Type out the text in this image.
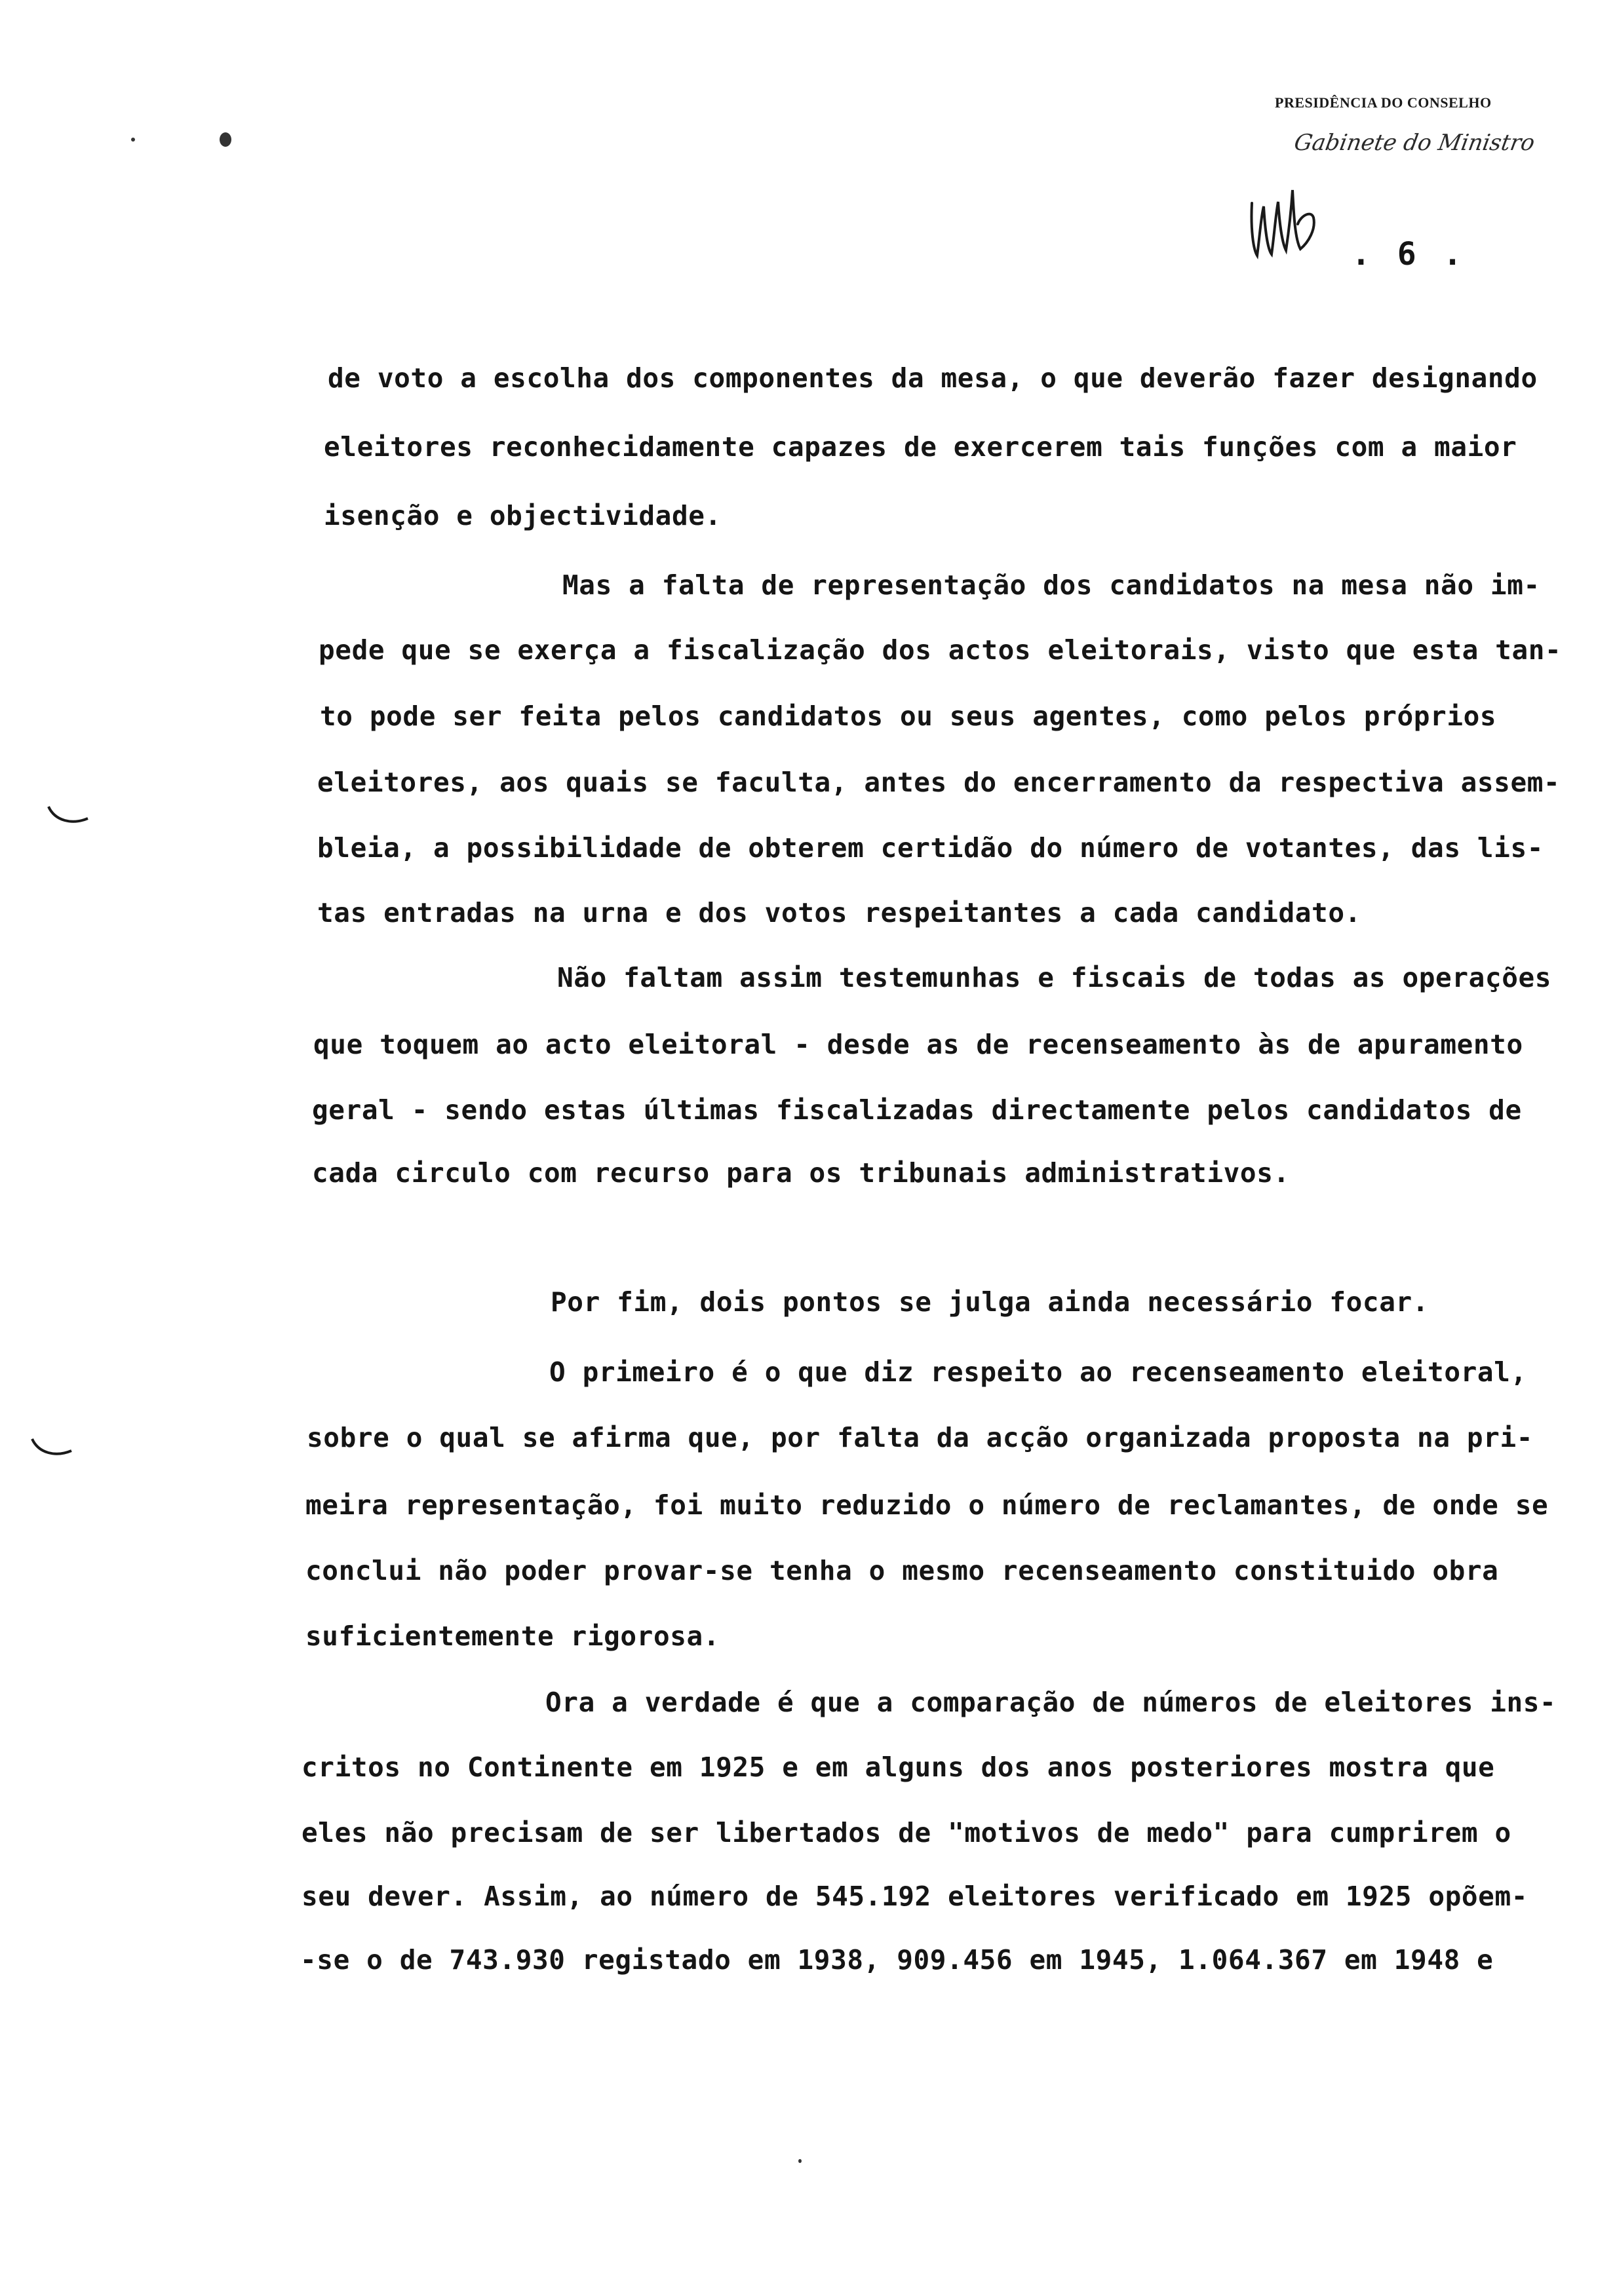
PRESIDÊNCIA DO CONSELHO
Gabinete do Ministro
. 6 .
de voto a escolha dos componentes da mesa, o que deverão fazer designando
eleitores reconhecidamente capazes de exercerem tais funções com a maior
isenção e objectividade.
Mas a falta de representação dos candidatos na mesa não im-
pede que se exerça a fiscalização dos actos eleitorais, visto que esta tan-
to pode ser feita pelos candidatos ou seus agentes, como pelos próprios
eleitores, aos quais se faculta, antes do encerramento da respectiva assem-
bleia, a possibilidade de obterem certidão do número de votantes, das lis-
tas entradas na urna e dos votos respeitantes a cada candidato.
Não faltam assim testemunhas e fiscais de todas as operações
que toquem ao acto eleitoral - desde as de recenseamento às de apuramento
geral - sendo estas últimas fiscalizadas directamente pelos candidatos de
cada circulo com recurso para os tribunais administrativos.
Por fim, dois pontos se julga ainda necessário focar.
O primeiro é o que diz respeito ao recenseamento eleitoral,
sobre o qual se afirma que, por falta da acção organizada proposta na pri-
meira representação, foi muito reduzido o número de reclamantes, de onde se
conclui não poder provar-se tenha o mesmo recenseamento constituido obra
suficientemente rigorosa.
Ora a verdade é que a comparação de números de eleitores ins-
critos no Continente em 1925 e em alguns dos anos posteriores mostra que
eles não precisam de ser libertados de "motivos de medo" para cumprirem o
seu dever. Assim, ao número de 545.192 eleitores verificado em 1925 opõem-
-se o de 743.930 registado em 1938, 909.456 em 1945, 1.064.367 em 1948 e
